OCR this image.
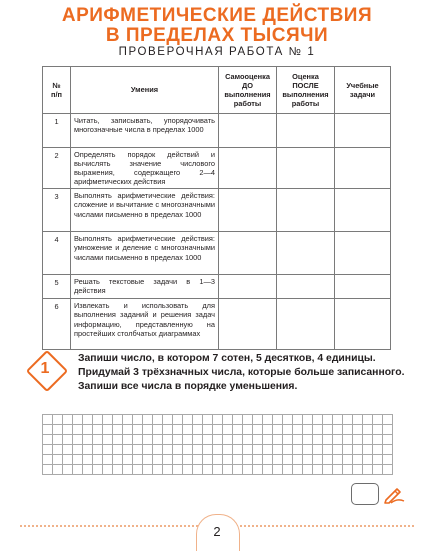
АРИФМЕТИЧЕСКИЕ ДЕЙСТВИЯ
В ПРЕДЕЛАХ ТЫСЯЧИ
ПРОВЕРОЧНАЯ РАБОТА № 1
№
п/п	Умения	Самооценка
ДО
выполнения
работы	Оценка
ПОСЛЕ
выполнения
работы	Учебные
задачи

1	Читать, записывать, упорядочивать многозначные числа в пределах 1000			
2	Определять порядок действий и вычислять значение числового выражения, содержащего 2—4 арифметических действия			
3	Выполнять арифметические действия: сложение и вычитание с многозначными числами письменно в пределах 1000			
4	Выполнять арифметические действия: умножение и деление с многозначными числами письменно в пределах 1000			
5	Решать текстовые задачи в 1—3 действия			
6	Извлекать и использовать для выполнения заданий и решения задач информацию, представленную на простейших столбчатых диаграммах			
1
Запиши число, в котором 7 сотен, 5 десятков, 4 единицы. Придумай 3 трёхзначных числа, которые больше записанного. Запиши все числа в порядке уменьшения.
2
